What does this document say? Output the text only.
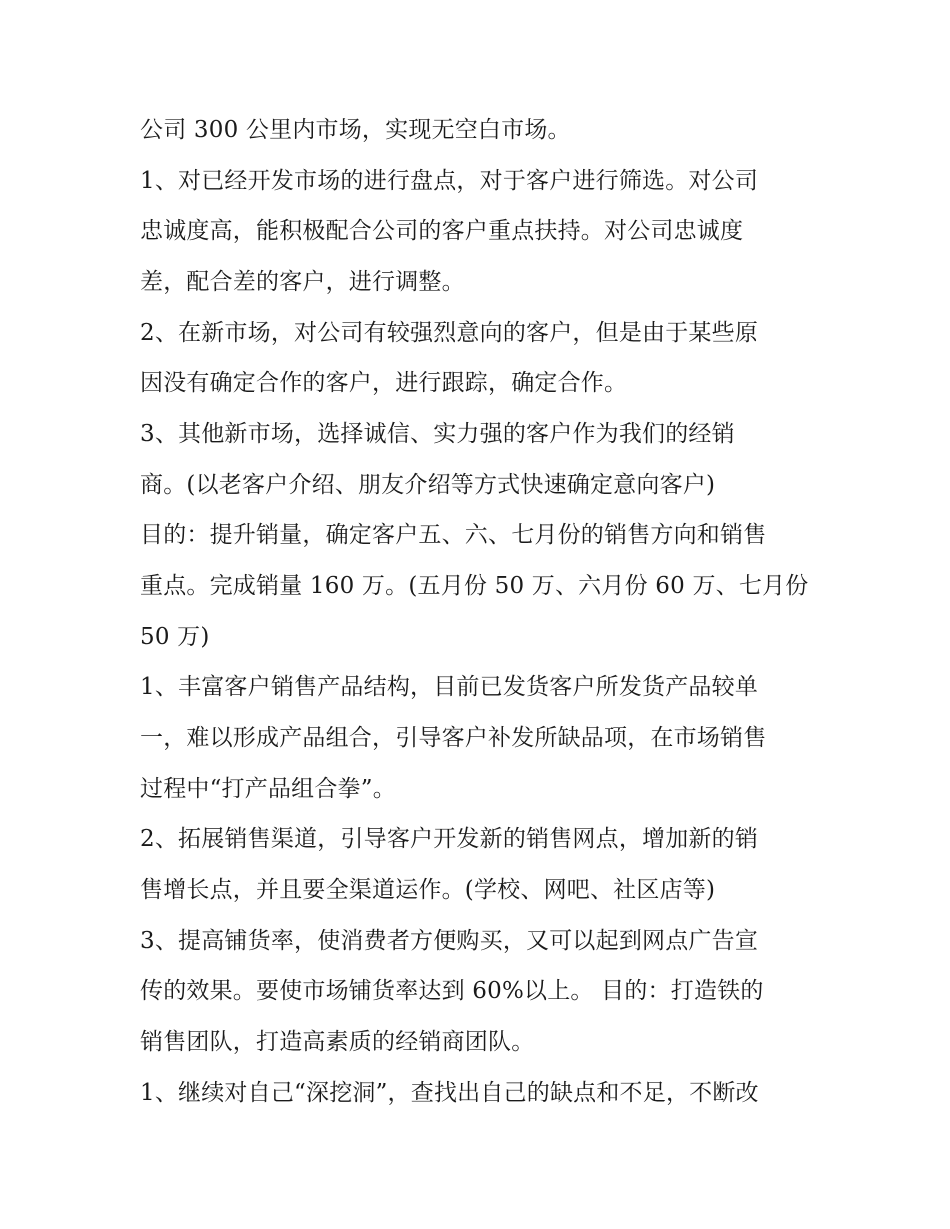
公司 300 公里内市场，实现无空白市场。
1、对已经开发市场的进行盘点，对于客户进行筛选。对公司
忠诚度高，能积极配合公司的客户重点扶持。对公司忠诚度
差，配合差的客户，进行调整。
2、在新市场，对公司有较强烈意向的客户，但是由于某些原
因没有确定合作的客户，进行跟踪，确定合作。
3、其他新市场，选择诚信、实力强的客户作为我们的经销
商。(以老客户介绍、朋友介绍等方式快速确定意向客户)
目的：提升销量，确定客户五、六、七月份的销售方向和销售
重点。完成销量 160 万。(五月份 50 万、六月份 60 万、七月份
50 万)
1、丰富客户销售产品结构，目前已发货客户所发货产品较单
一，难以形成产品组合，引导客户补发所缺品项，在市场销售
过程中“打产品组合拳”。
2、拓展销售渠道，引导客户开发新的销售网点，增加新的销
售增长点，并且要全渠道运作。(学校、网吧、社区店等)
3、提高铺货率，使消费者方便购买，又可以起到网点广告宣
传的效果。要使市场铺货率达到 60%以上。 目的：打造铁的
销售团队，打造高素质的经销商团队。
1、继续对自己“深挖洞”，查找出自己的缺点和不足，不断改
